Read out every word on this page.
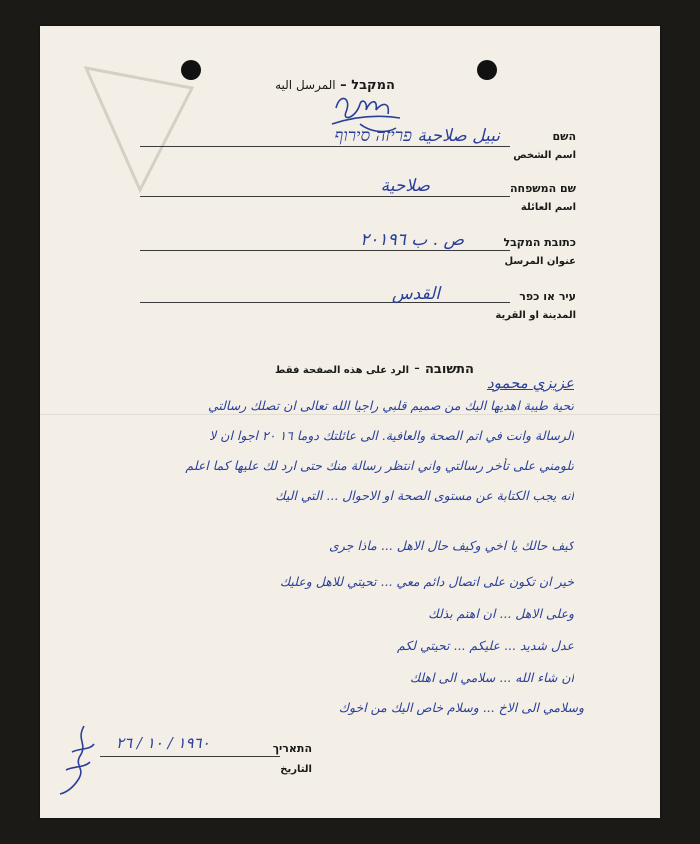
המקבל – المرسل اليه
השם
اسم الشخص
שם המשפחה
اسم العائلة
כתובת המקבל
عنوان المرسل
עיר או כפר
المدينة او القرية
نبيل صلاحية פריזה סירוף
صلاحية
ص . ب ٢٠١٩٦
القدس
התשובה - الرد على هذه الصفحة فقط
عزيزي محمود
تحية طيبة اهديها اليك من صميم قلبي راجيا الله تعالى ان تصلك رسالتي
الرسالة وانت في اتم الصحة والعافية. الى عائلتك دوما ١٦ ٢٠ اجوا ان لا
تلومني على تأخر رسالتي واني انتظر رسالة منك حتى ارد لك عليها كما اعلم
انه يجب الكتابة عن مستوى الصحة او الاحوال ... التي اليك
كيف حالك يا اخي وكيف حال الاهل ... ماذا جرى
خير ان تكون على اتصال دائم معي ... تحيتي للاهل وعليك
وعلى الاهل ... ان اهتم بذلك
عدل شديد ... عليكم ... تحيتي لكم
ان شاء الله ... سلامي الى اهلك
وسلامي الى الاخ ... وسلام خاص اليك من اخوك
התאריך
التاريخ
١٩٦٠ / ١٠ / ٢٦
